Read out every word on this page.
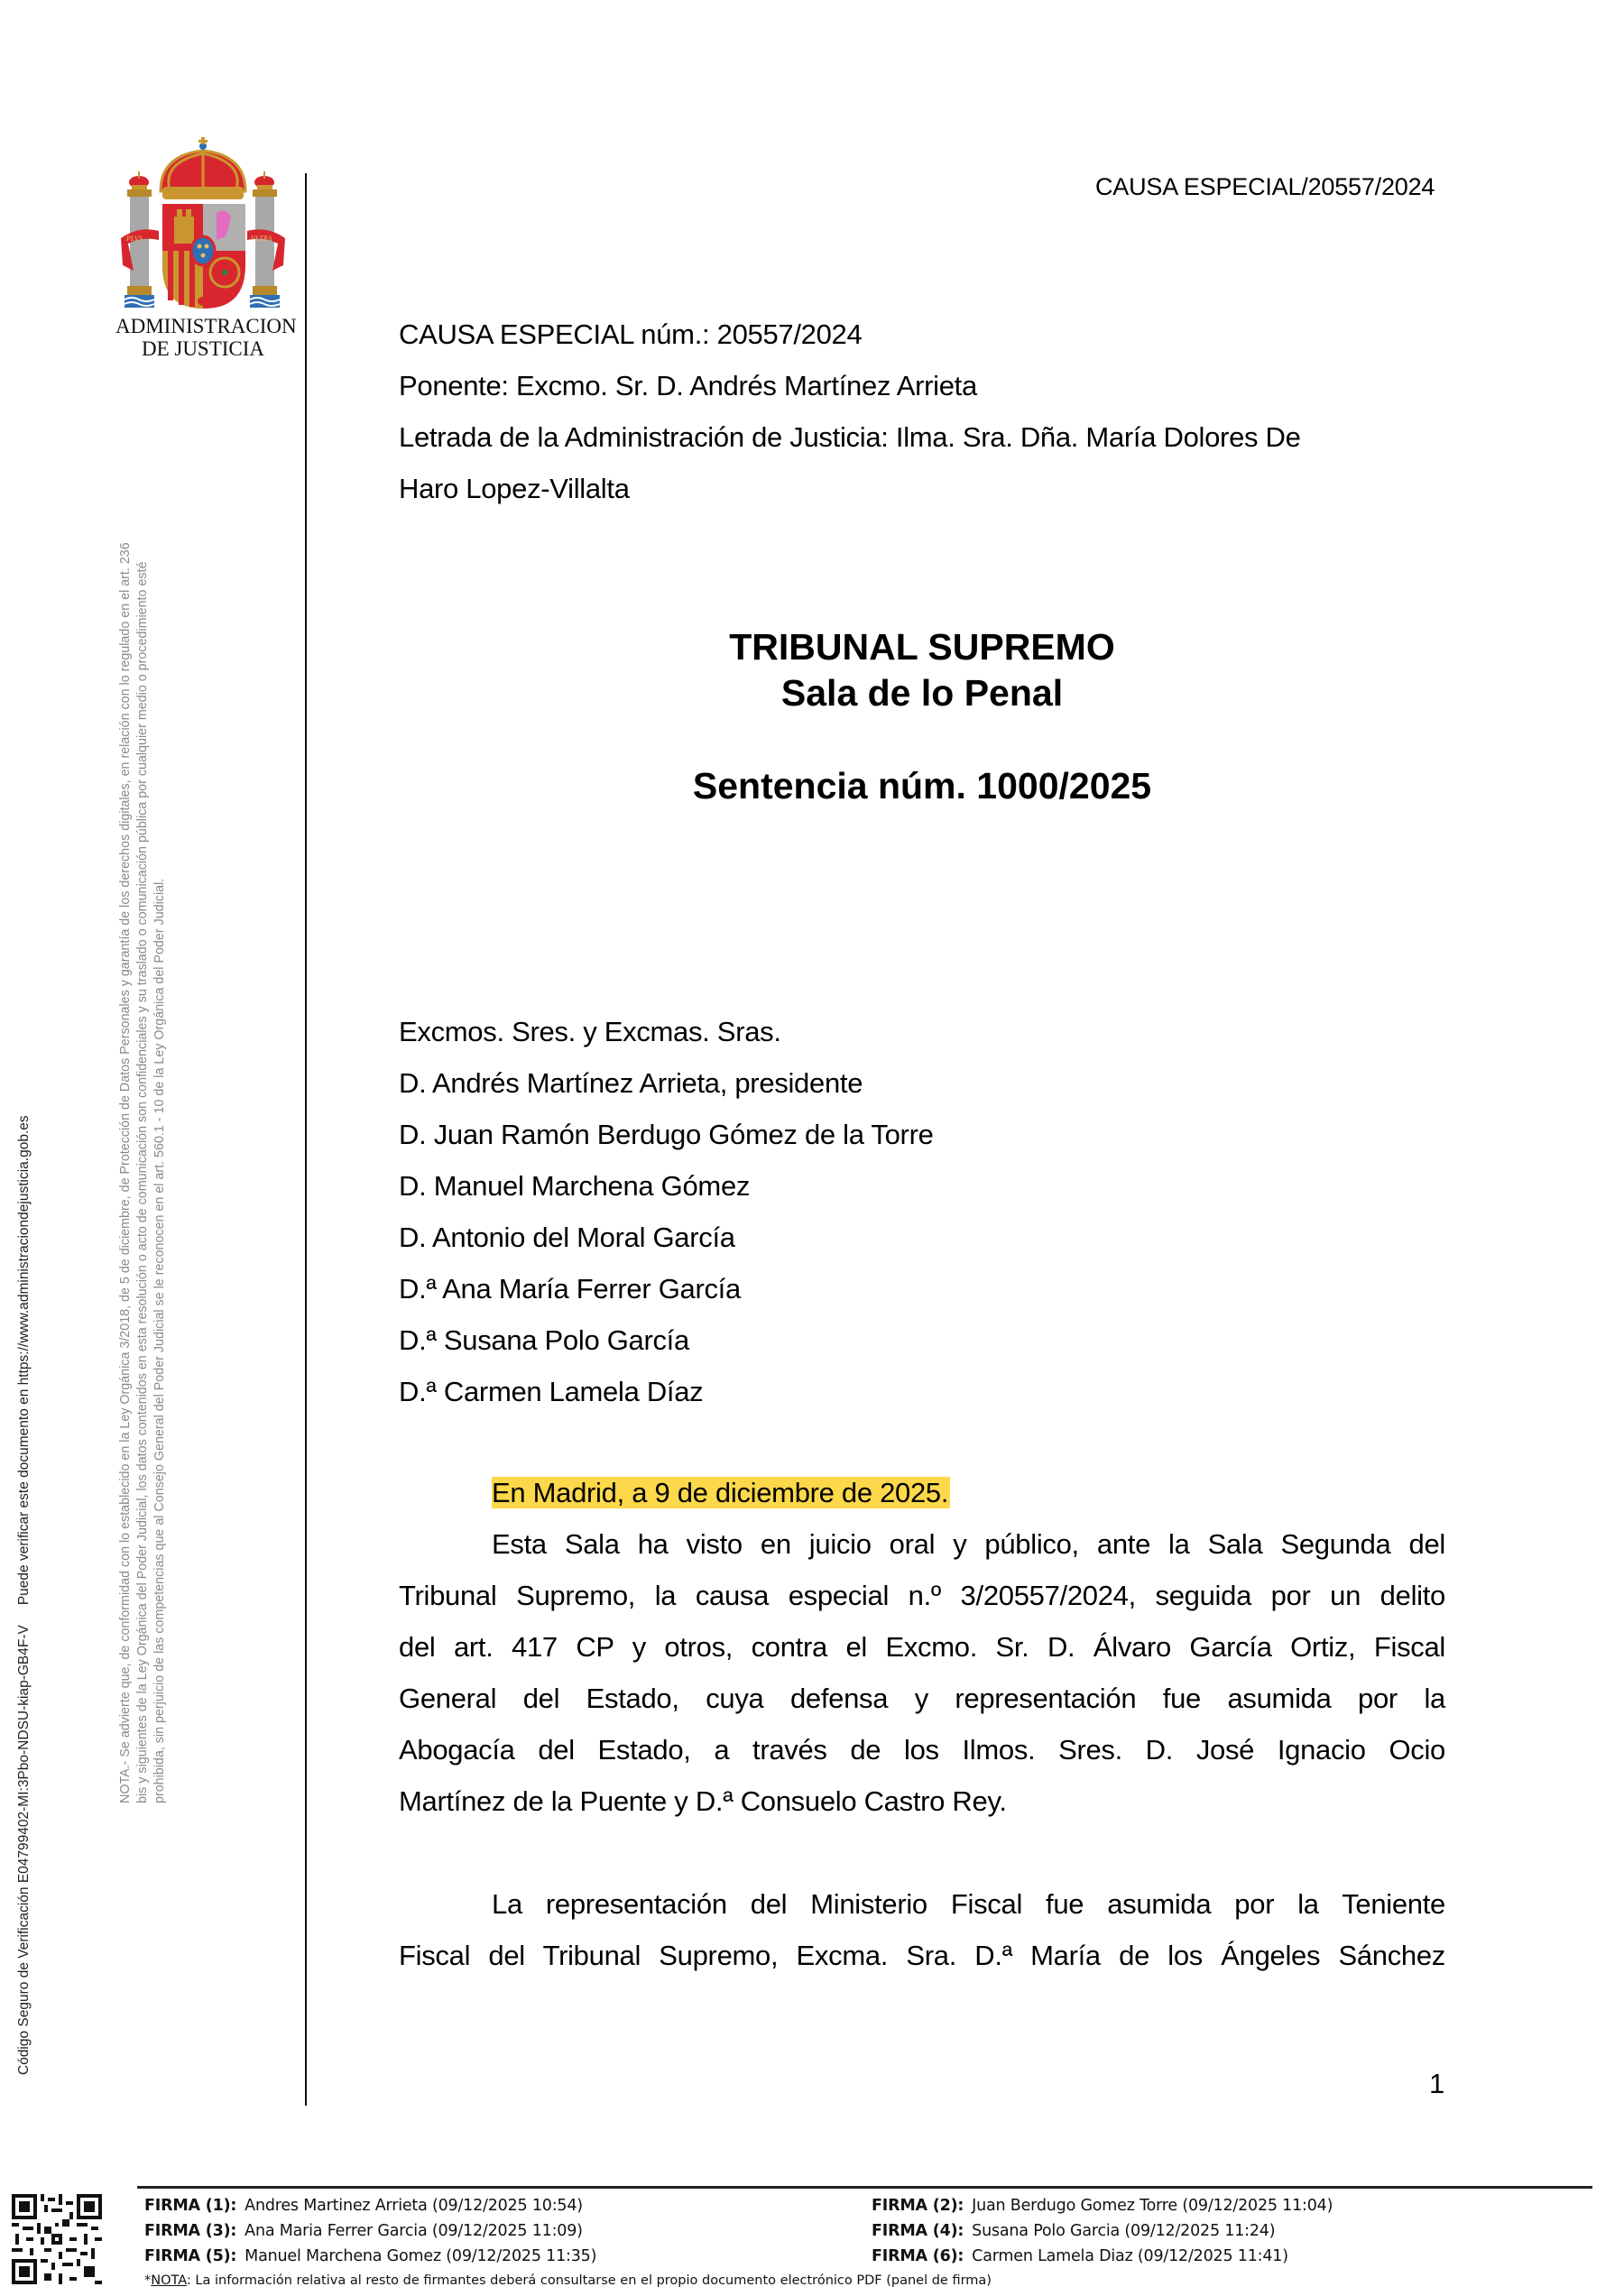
PLVS	VLTRA
ADMINISTRACION
DE JUSTICIA
Código Seguro de Verificación E04799402-MI:3Pbo-NDSU-kiap-GB4F-VPuede verificar este documento en https://www.administraciondejusticia.gob.es	NOTA.- Se advierte que, de conformidad con lo establecido en la Ley Orgánica 3/2018, de 5 de diciembre, de Protección de Datos Personales y garantía de los derechos digitales, en relación con lo regulado en el art. 236 bis y siguientes de la Ley Orgánica del Poder Judicial, los datos contenidos en esta resolución o acto de comunicación son confidenciales y su traslado o comunicación pública por cualquier medio o procedimiento esté prohibida, sin perjuicio de las competencias que al Consejo General del Poder Judicial se le reconocen en el art. 560.1 - 10 de la Ley Orgánica del Poder Judicial.
CAUSA ESPECIAL/20557/2024
CAUSA ESPECIAL núm.: 20557/2024
Ponente: Excmo. Sr. D. Andrés Martínez Arrieta
Letrada de la Administración de Justicia: Ilma. Sra. Dña. María Dolores De
Haro Lopez-Villalta
TRIBUNAL SUPREMO
Sala de lo Penal
Sentencia núm. 1000/2025
Excmos. Sres. y Excmas. Sras.
D. Andrés Martínez Arrieta, presidente
D. Juan Ramón Berdugo Gómez de la Torre
D. Manuel Marchena Gómez
D. Antonio del Moral García
D.ª Ana María Ferrer García
D.ª Susana Polo García
D.ª Carmen Lamela Díaz
En Madrid, a 9 de diciembre de 2025.
Esta Sala ha visto en juicio oral y público, ante la Sala Segunda del
Tribunal Supremo, la causa especial n.º 3/20557/2024, seguida por un delito
del art. 417 CP y otros, contra el Excmo. Sr. D. Álvaro García Ortiz, Fiscal
General del Estado, cuya defensa y representación fue asumida por la
Abogacía del Estado, a través de los Ilmos. Sres. D. José Ignacio Ocio
Martínez de la Puente y D.ª Consuelo Castro Rey.
La representación del Ministerio Fiscal fue asumida por la Teniente
Fiscal del Tribunal Supremo, Excma. Sra. D.ª María de los Ángeles Sánchez
1
FIRMA (1): Andres Martinez Arrieta (09/12/2025 10:54)	FIRMA (2): Juan Berdugo Gomez Torre (09/12/2025 11:04)
FIRMA (3): Ana Maria Ferrer Garcia (09/12/2025 11:09)	FIRMA (4): Susana Polo Garcia (09/12/2025 11:24)
FIRMA (5): Manuel Marchena Gomez (09/12/2025 11:35)	FIRMA (6): Carmen Lamela Diaz (09/12/2025 11:41)
*NOTA: La información relativa al resto de firmantes deberá consultarse en el propio documento electrónico PDF (panel de firma)
